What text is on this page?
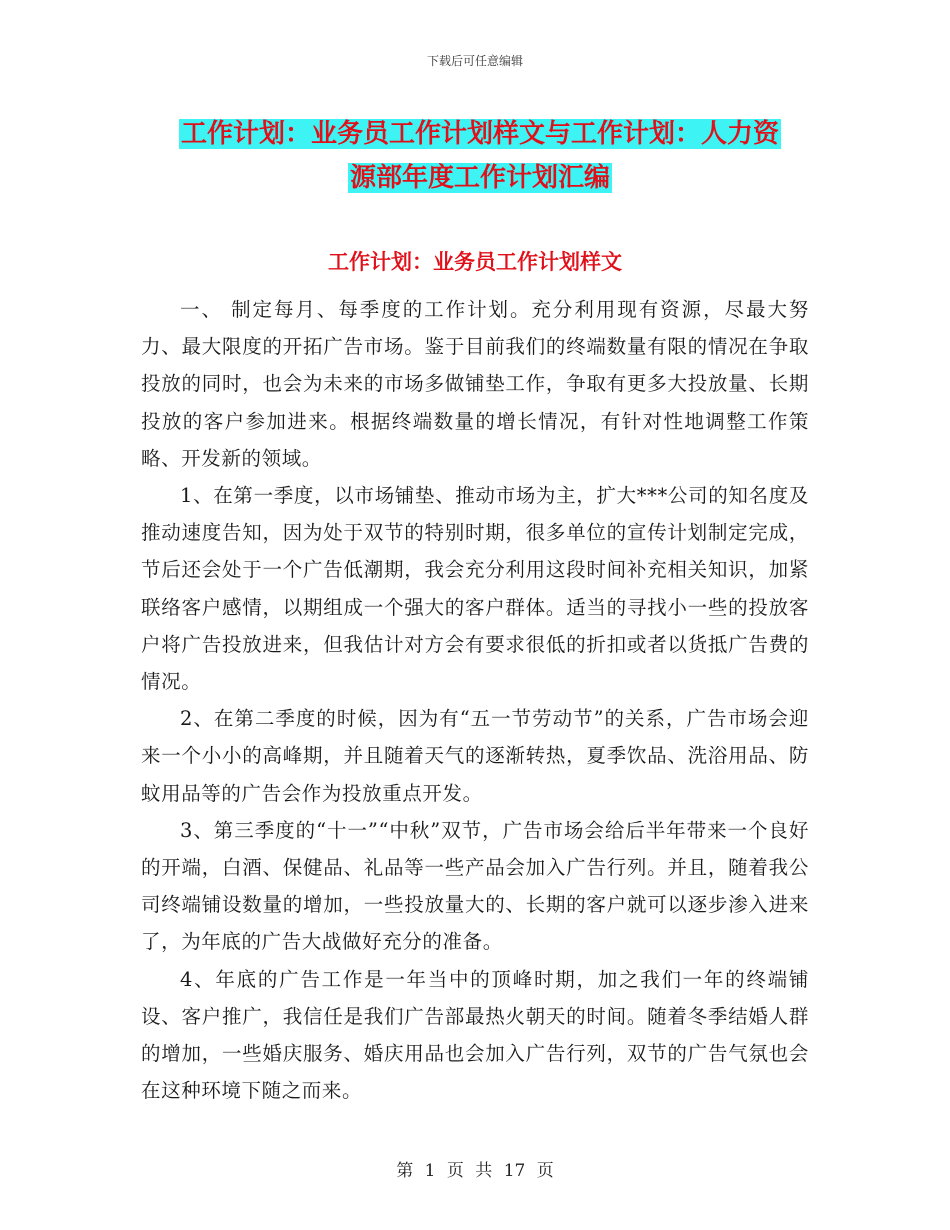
下载后可任意编辑
工作计划：业务员工作计划样文与工作计划：人力资
源部年度工作计划汇编
工作计划：业务员工作计划样文

一、 制定每月、每季度的工作计划。充分利用现有资源，尽最大努力、最大限度的开拓广告市场。鉴于目前我们的终端数量有限的情况在争取投放的同时，也会为未来的市场多做铺垫工作，争取有更多大投放量、长期投放的客户参加进来。根据终端数量的增长情况，有针对性地调整工作策略、开发新的领域。

1、在第一季度，以市场铺垫、推动市场为主，扩大***公司的知名度及推动速度告知，因为处于双节的特别时期，很多单位的宣传计划制定完成，节后还会处于一个广告低潮期，我会充分利用这段时间补充相关知识，加紧联络客户感情，以期组成一个强大的客户群体。适当的寻找小一些的投放客户将广告投放进来，但我估计对方会有要求很低的折扣或者以货抵广告费的情况。

2、在第二季度的时候，因为有“五一节劳动节”的关系，广告市场会迎来一个小小的高峰期，并且随着天气的逐渐转热，夏季饮品、洗浴用品、防蚊用品等的广告会作为投放重点开发。

3、第三季度的“十一”“中秋”双节，广告市场会给后半年带来一个良好的开端，白酒、保健品、礼品等一些产品会加入广告行列。并且，随着我公司终端铺设数量的增加，一些投放量大的、长期的客户就可以逐步渗入进来了，为年底的广告大战做好充分的准备。

4、年底的广告工作是一年当中的顶峰时期，加之我们一年的终端铺设、客户推广，我信任是我们广告部最热火朝天的时间。随着冬季结婚人群的增加，一些婚庆服务、婚庆用品也会加入广告行列，双节的广告气氛也会在这种环境下随之而来。

第 1 页 共 17 页
